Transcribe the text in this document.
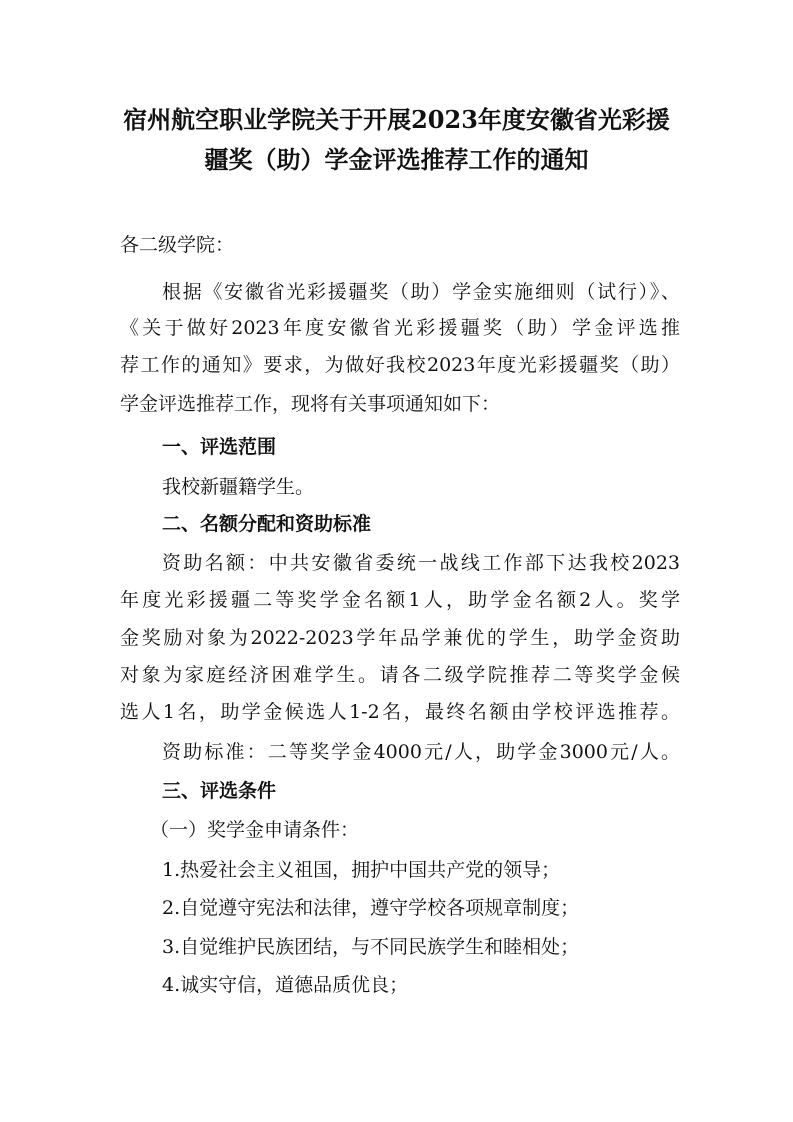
宿州航空职业学院关于开展2023年度安徽省光彩援
疆奖（助）学金评选推荐工作的通知
各二级学院：
根据《安徽省光彩援疆奖（助）学金实施细则（试行）》、
《关于做好2023年度安徽省光彩援疆奖（助）学金评选推
荐工作的通知》要求，为做好我校2023年度光彩援疆奖（助）
学金评选推荐工作，现将有关事项通知如下：
一、评选范围
我校新疆籍学生。
二、名额分配和资助标准
资助名额：中共安徽省委统一战线工作部下达我校2023
年度光彩援疆二等奖学金名额1人，助学金名额2人。奖学
金奖励对象为2022-2023学年品学兼优的学生，助学金资助
对象为家庭经济困难学生。请各二级学院推荐二等奖学金候
选人1名，助学金候选人1-2名，最终名额由学校评选推荐。
资助标准：二等奖学金4000元/人，助学金3000元/人。
三、评选条件
（一）奖学金申请条件：
1.热爱社会主义祖国，拥护中国共产党的领导；
2.自觉遵守宪法和法律，遵守学校各项规章制度；
3.自觉维护民族团结，与不同民族学生和睦相处；
4.诚实守信，道德品质优良；
